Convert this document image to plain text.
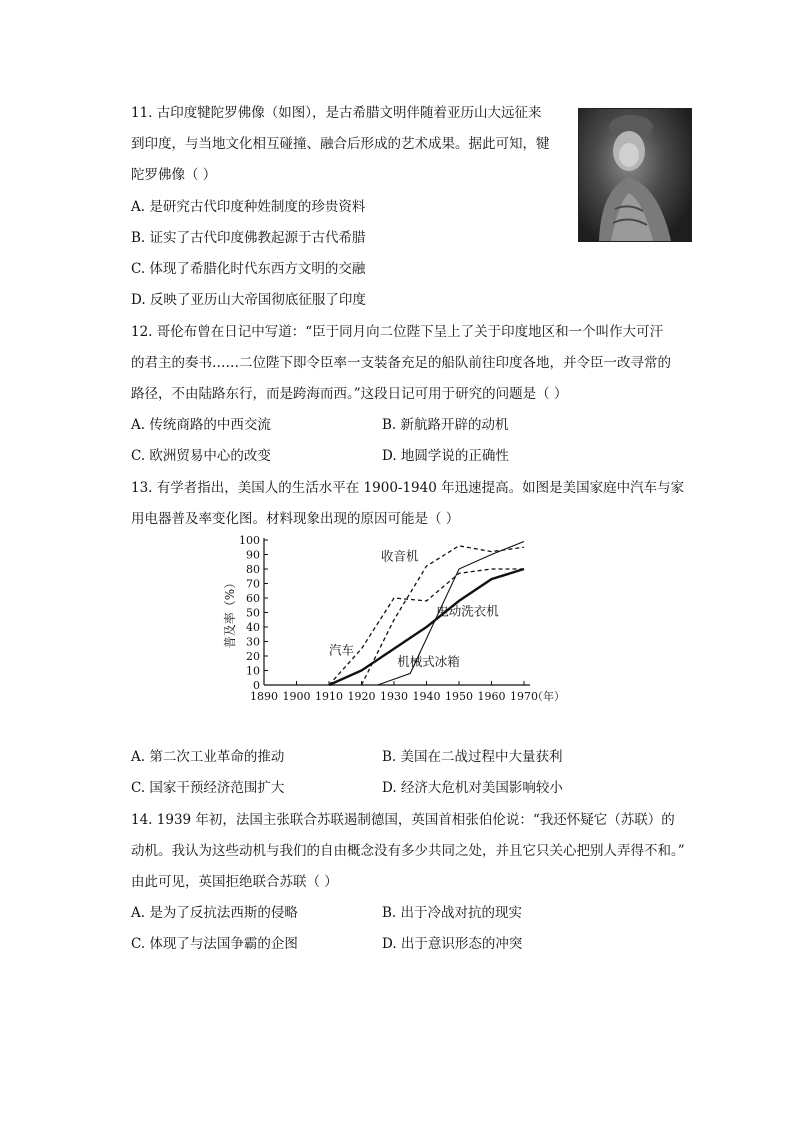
11. 古印度犍陀罗佛像（如图），是古希腊文明伴随着亚历山大远征来
到印度，与当地文化相互碰撞、融合后形成的艺术成果。据此可知，犍
陀罗佛像（ ）
A. 是研究古代印度种姓制度的珍贵资料
B. 证实了古代印度佛教起源于古代希腊
C. 体现了希腊化时代东西方文明的交融
D. 反映了亚历山大帝国彻底征服了印度
12. 哥伦布曾在日记中写道：“臣于同月向二位陛下呈上了关于印度地区和一个叫作大可汗
的君主的奏书……二位陛下即令臣率一支装备充足的船队前往印度各地，并令臣一改寻常的
路径，不由陆路东行，而是跨海而西。”这段日记可用于研究的问题是（ ）
A. 传统商路的中西交流	B. 新航路开辟的动机
C. 欧洲贸易中心的改变	D. 地圆学说的正确性
13. 有学者指出，美国人的生活水平在 1900-1940 年迅速提高。如图是美国家庭中汽车与家
用电器普及率变化图。材料现象出现的原因可能是（ ）
1890 1900 1910 1920 1930 1940 1950 1960 1970
0
10
20
30
40
50
60
70
80
90
100
（年）
普及率（%）
汽车
收音机
电动洗衣机
机械式冰箱
A. 第二次工业革命的推动	B. 美国在二战过程中大量获利
C. 国家干预经济范围扩大	D. 经济大危机对美国影响较小
14. 1939 年初，法国主张联合苏联遏制德国，英国首相张伯伦说：“我还怀疑它（苏联）的
动机。我认为这些动机与我们的自由概念没有多少共同之处，并且它只关心把别人弄得不和。”
由此可见，英国拒绝联合苏联（ ）
A. 是为了反抗法西斯的侵略	B. 出于冷战对抗的现实
C. 体现了与法国争霸的企图	D. 出于意识形态的冲突
